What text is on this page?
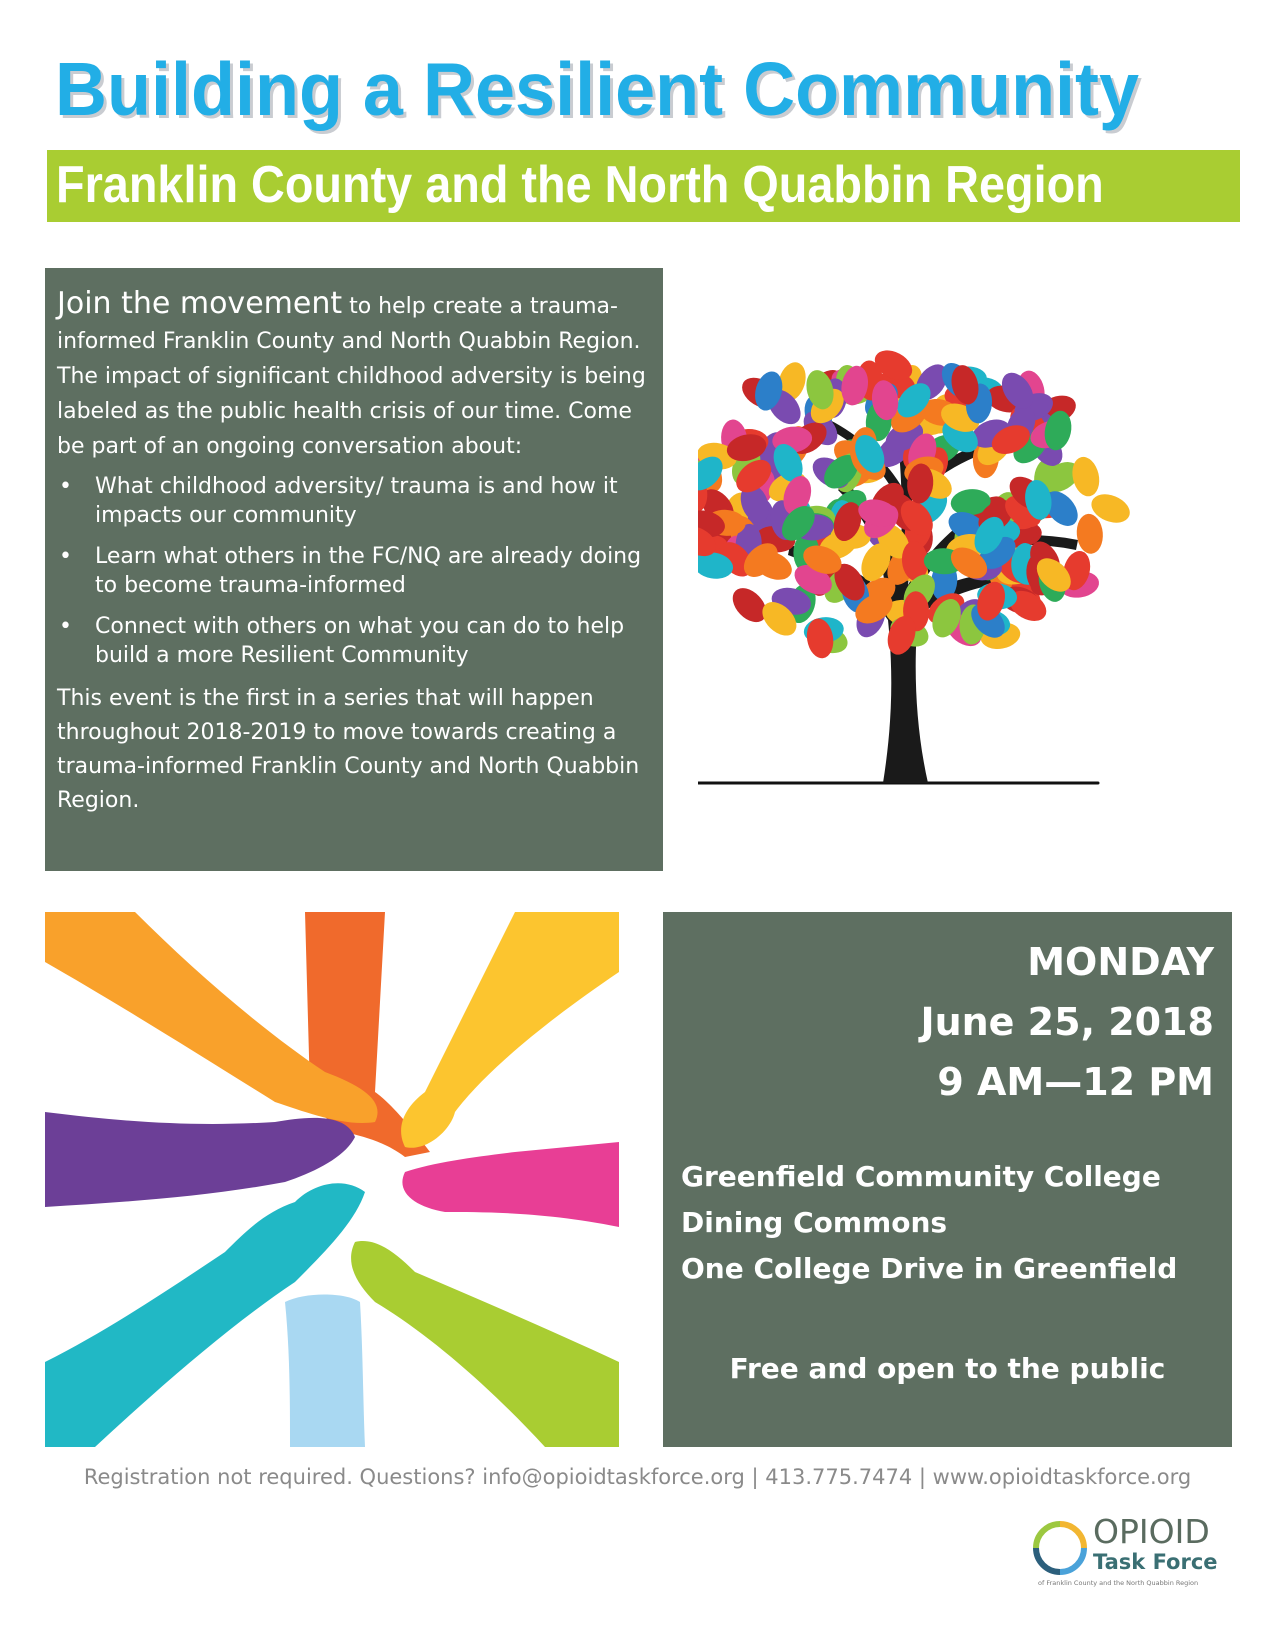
Building a Resilient Community
Franklin County and the North Quabbin Region

Join the movement to help create a trauma-informed Franklin County and North Quabbin Region. The impact of significant childhood adversity is being labeled as the public health crisis of our time. Come be part of an ongoing conversation about:

• What childhood adversity/ trauma is and how it impacts our community
• Learn what others in the FC/NQ are already doing to become trauma-informed
• Connect with others on what you can do to help build a more Resilient Community

This event is the first in a series that will happen throughout 2018-2019 to move towards creating a trauma-informed Franklin County and North Quabbin Region.

MONDAY

June 25, 2018

9 AM—12 PM

Greenfield Community College
Dining Commons
One College Drive in Greenfield

Free and open to the public

Registration not required. Questions? info@opioidtaskforce.org | 413.775.7474 | www.opioidtaskforce.org

OPIOID
Task Force
of Franklin County and the North Quabbin Region
